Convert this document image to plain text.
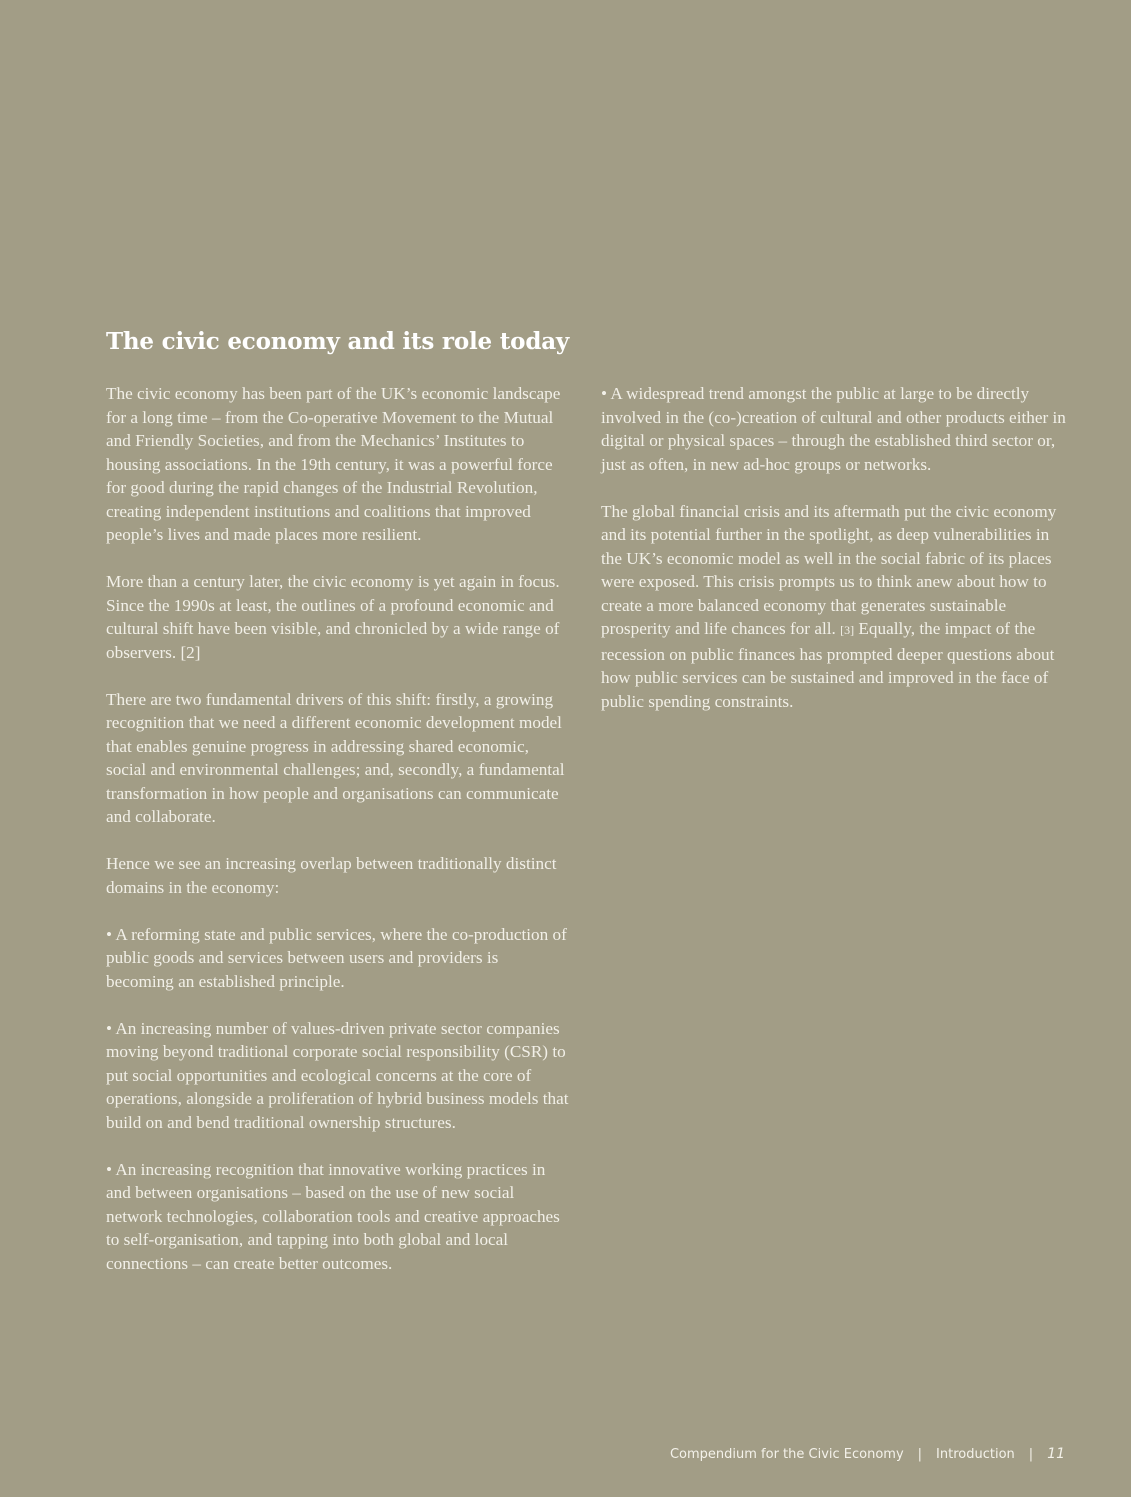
The civic economy and its role today

The civic economy has been part of the UK’s economic landscape for a long time – from the Co-operative Movement to the Mutual and Friendly Societies, and from the Mechanics’ Institutes to housing associations. In the 19th century, it was a powerful force for good during the rapid changes of the Industrial Revolution, creating independent institutions and coalitions that improved people’s lives and made places more resilient.

More than a century later, the civic economy is yet again in focus. Since the 1990s at least, the outlines of a profound economic and cultural shift have been visible, and chronicled by a wide range of observers. [2]

There are two fundamental drivers of this shift: firstly, a growing recognition that we need a different economic development model that enables genuine progress in addressing shared economic, social and environmental challenges; and, secondly, a fundamental transformation in how people and organisations can communicate and collaborate.

Hence we see an increasing overlap between traditionally distinct domains in the economy:

• A reforming state and public services, where the co-production of public goods and services between users and providers is becoming an established principle.

• An increasing number of values-driven private sector companies moving beyond traditional corporate social responsibility (CSR) to put social opportunities and ecological concerns at the core of operations, alongside a proliferation of hybrid business models that build on and bend traditional ownership structures.

• An increasing recognition that innovative working practices in and between organisations – based on the use of new social network technologies, collaboration tools and creative approaches to self-organisation, and tapping into both global and local connections – can create better outcomes.

• A widespread trend amongst the public at large to be directly involved in the (co-)creation of cultural and other products either in digital or physical spaces – through the established third sector or, just as often, in new ad-hoc groups or networks.

The global financial crisis and its aftermath put the civic economy and its potential further in the spotlight, as deep vulnerabilities in the UK’s economic model as well in the social fabric of its places were exposed. This crisis prompts us to think anew about how to create a more balanced economy that generates sustainable prosperity and life chances for all. [3] Equally, the impact of the recession on public finances has prompted deeper questions about how public services can be sustained and improved in the face of public spending constraints.

Compendium for the Civic Economy | Introduction | 11
